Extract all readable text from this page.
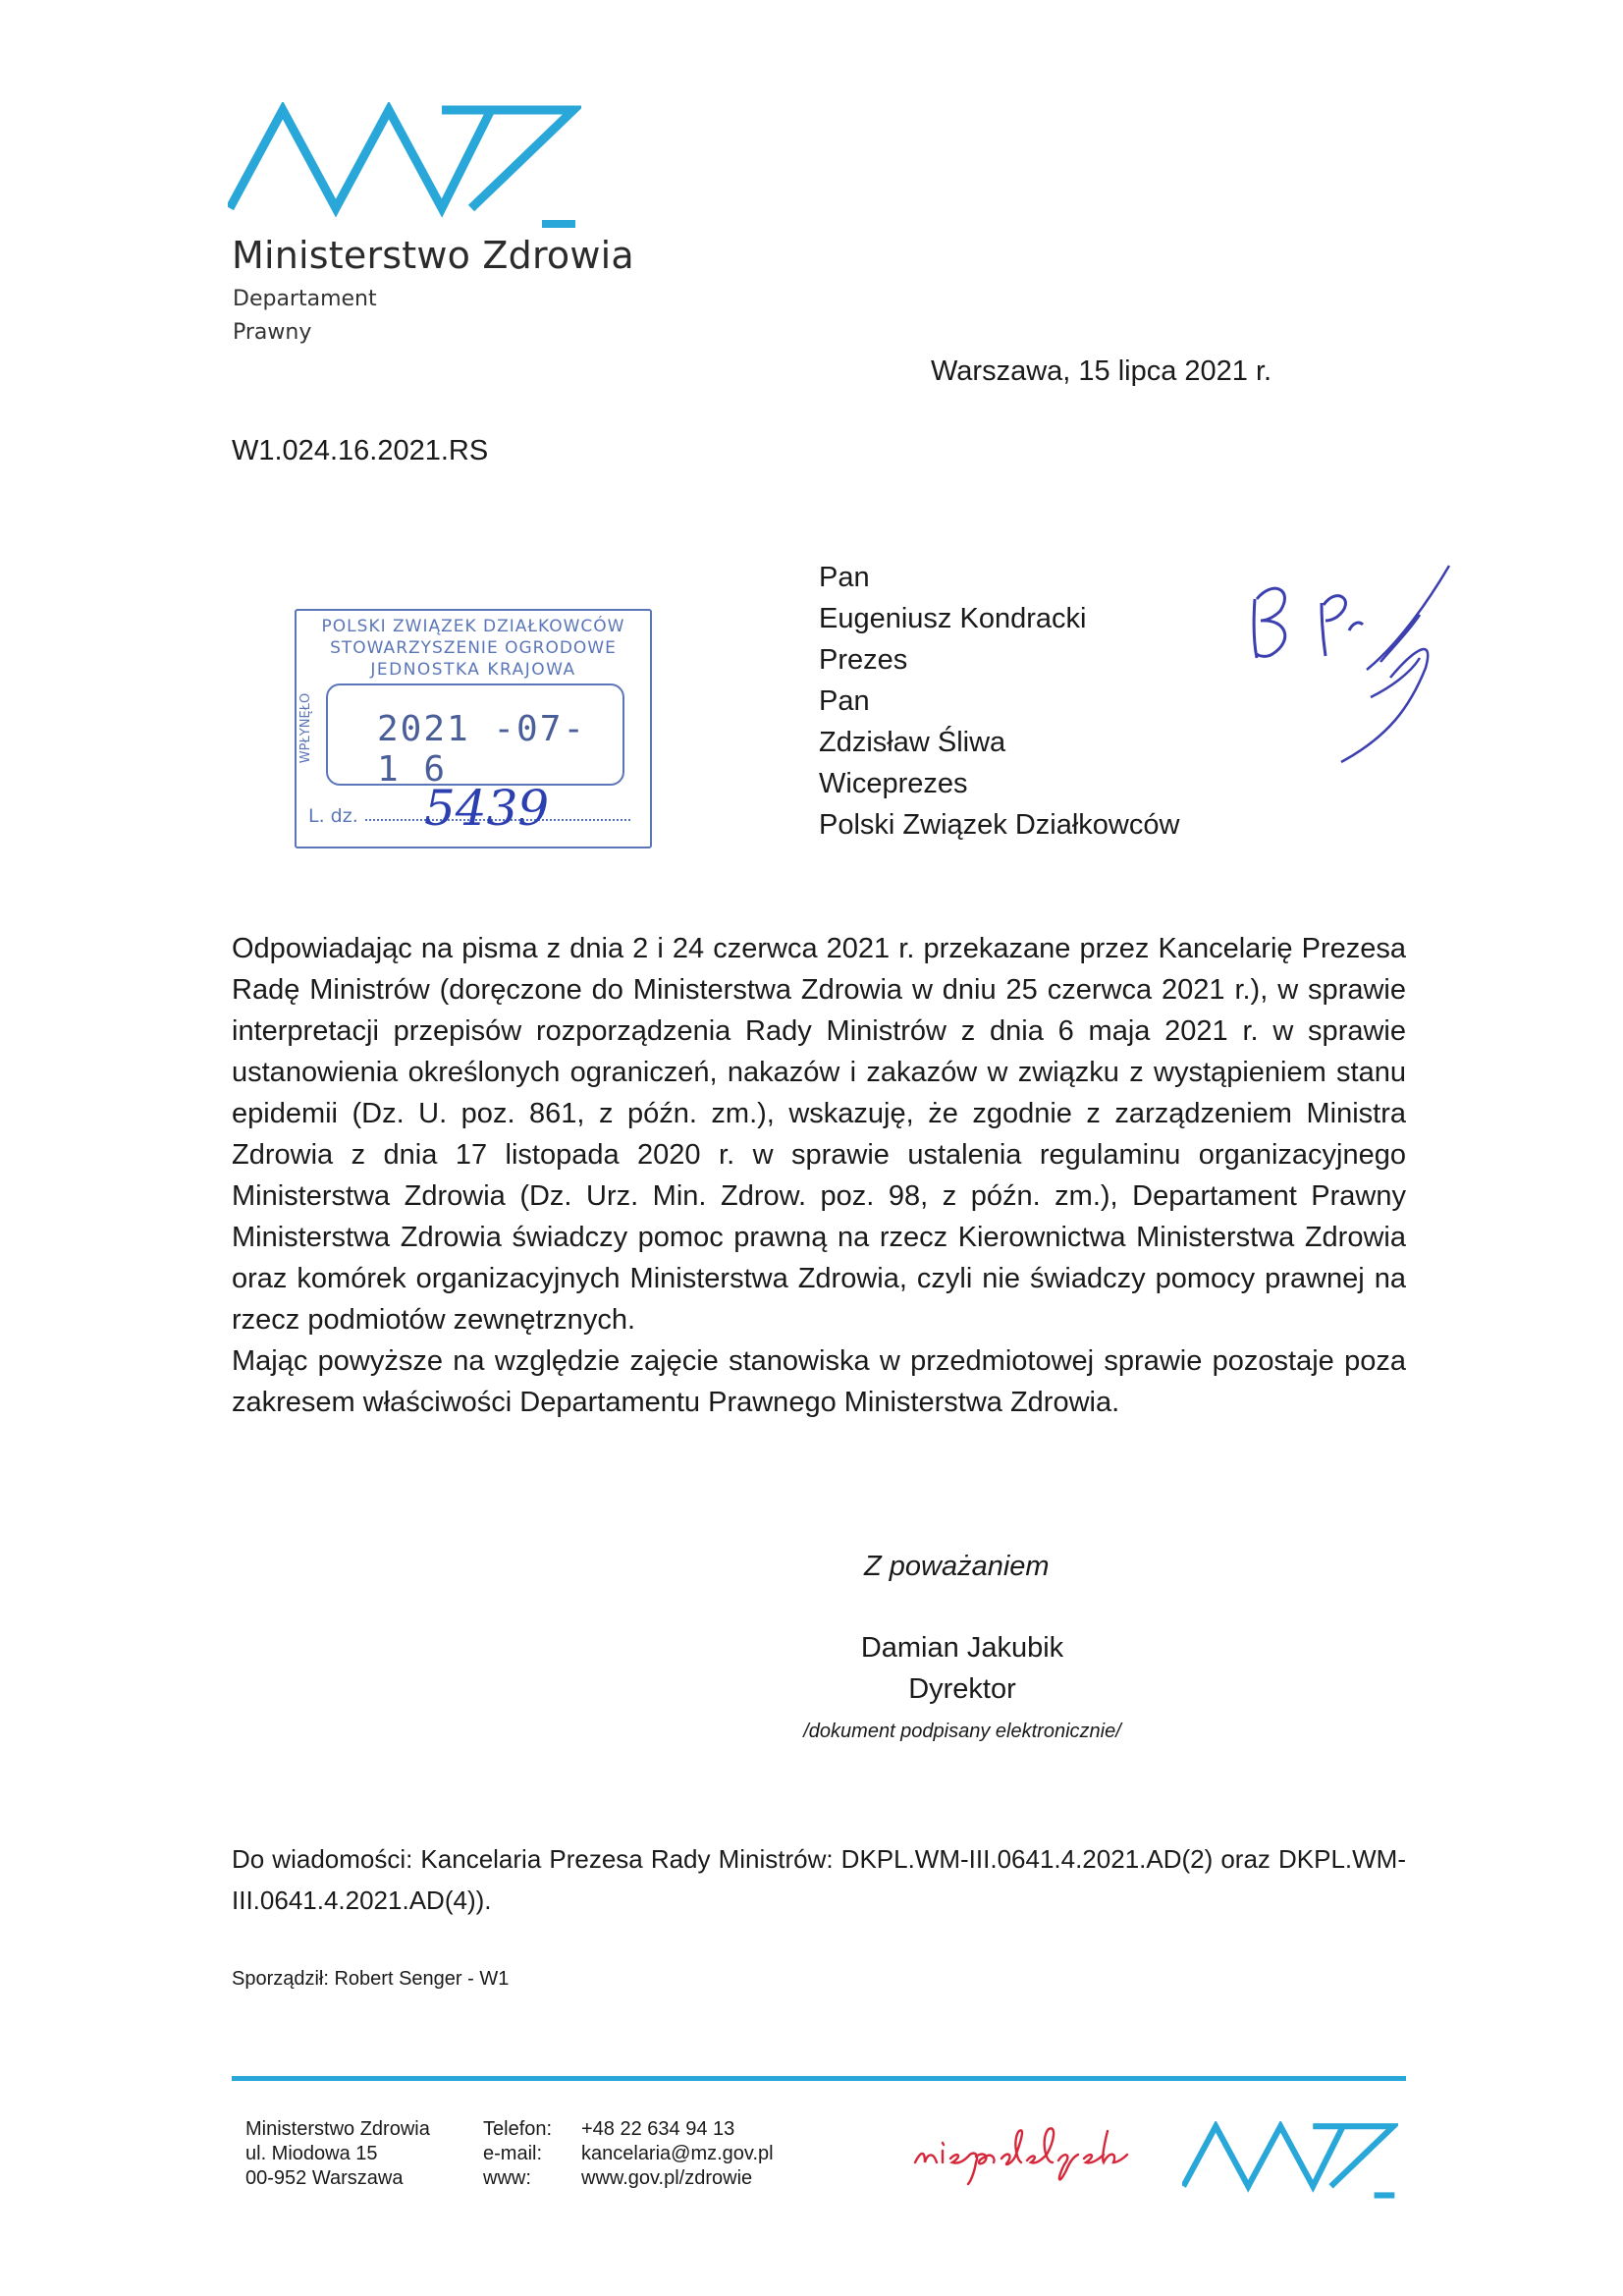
Ministerstwo Zdrowia
Departament
Prawny
Warszawa, 15 lipca 2021 r.
W1.024.16.2021.RS
Pan
Eugeniusz Kondracki
Prezes
Pan
Zdzisław Śliwa
Wiceprezes
Polski Związek Działkowców
POLSKI ZWIĄZEK DZIAŁKOWCÓW
STOWARZYSZENIE OGRODOWE
JEDNOSTKA KRAJOWA
WPŁYNĘŁO 2021 -07- 1 6
L. dz. 5439

Odpowiadając na pisma z dnia 2 i 24 czerwca 2021 r. przekazane przez Kancelarię Prezesa Radę Ministrów (doręczone do Ministerstwa Zdrowia w dniu 25 czerwca 2021 r.), w sprawie interpretacji przepisów rozporządzenia Rady Ministrów z dnia 6 maja 2021 r. w sprawie ustanowienia określonych ograniczeń, nakazów i zakazów w związku z wystąpieniem stanu epidemii (Dz. U. poz. 861, z późn. zm.), wskazuję, że zgodnie z zarządzeniem Ministra Zdrowia z dnia 17 listopada 2020 r. w sprawie ustalenia regulaminu organizacyjnego Ministerstwa Zdrowia (Dz. Urz. Min. Zdrow. poz. 98, z późn. zm.), Departament Prawny Ministerstwa Zdrowia świadczy pomoc prawną na rzecz Kierownictwa Ministerstwa Zdrowia oraz komórek organizacyjnych Ministerstwa Zdrowia, czyli nie świadczy pomocy prawnej na rzecz podmiotów zewnętrznych.

Mając powyższe na względzie zajęcie stanowiska w przedmiotowej sprawie pozostaje poza zakresem właściwości Departamentu Prawnego Ministerstwa Zdrowia.

Z poważaniem
Damian Jakubik
Dyrektor
/dokument podpisany elektronicznie/
Do wiadomości: Kancelaria Prezesa Rady Ministrów: DKPL.WM-III.0641.4.2021.AD(2) oraz DKPL.WM-III.0641.4.2021.AD(4)).
Sporządził: Robert Senger - W1
Ministerstwo Zdrowia
ul. Miodowa 15
00-952 Warszawa
Telefon:
e-mail:
www:
+48 22 634 94 13
kancelaria@mz.gov.pl
www.gov.pl/zdrowie
